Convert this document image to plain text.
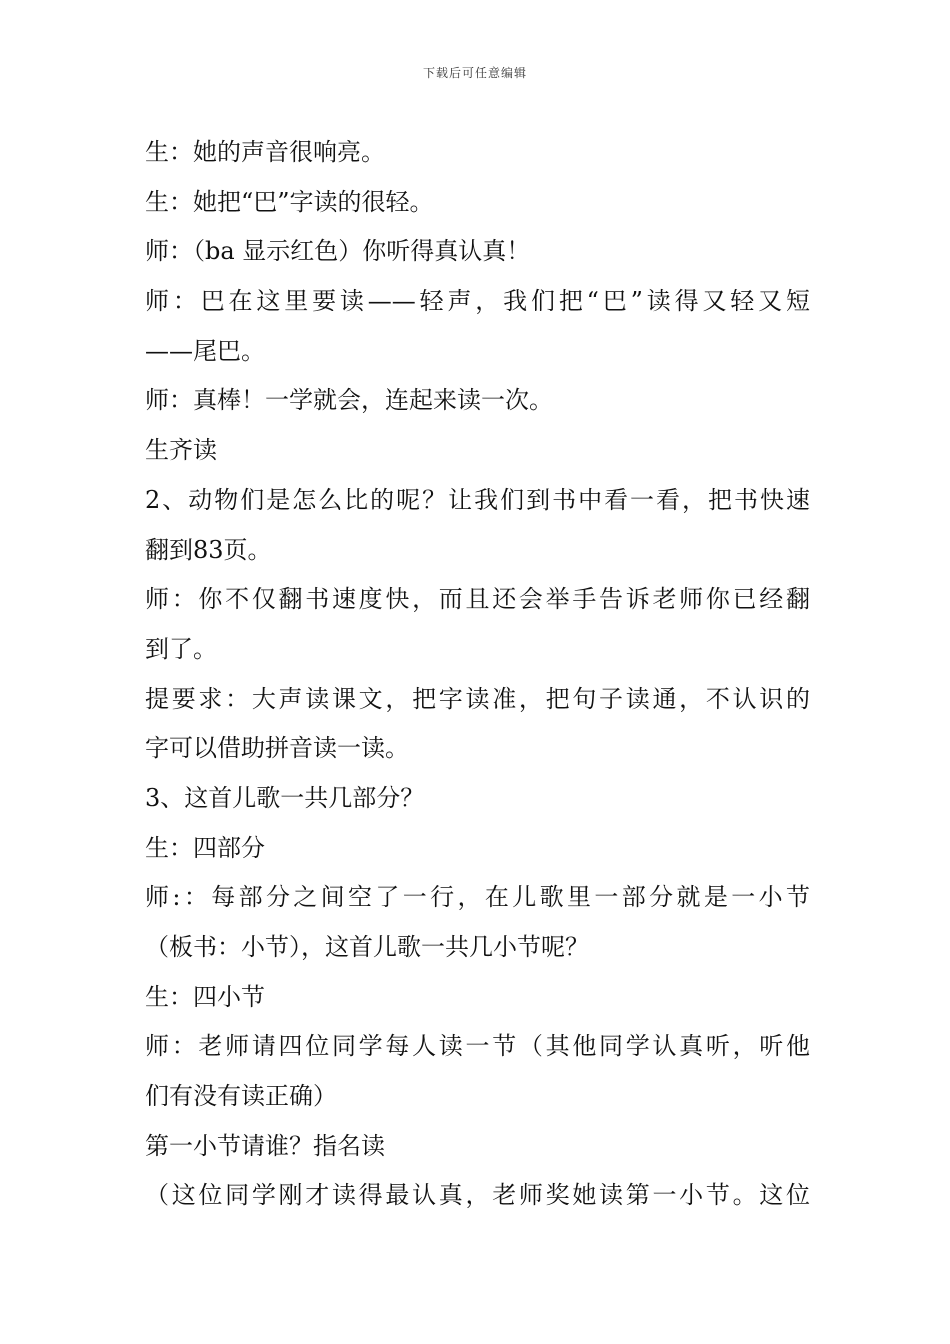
下载后可任意编辑
生：她的声音很响亮。
生：她把“巴”字读的很轻。
师：（ba 显示红色）你听得真认真！
师：巴在这里要读——轻声，我们把“巴”读得又轻又短
——尾巴。
师：真棒！一学就会，连起来读一次。
生齐读
2、动物们是怎么比的呢？让我们到书中看一看，把书快速
翻到83页。
师：你不仅翻书速度快，而且还会举手告诉老师你已经翻
到了。
提要求：大声读课文，把字读准，把句子读通，不认识的
字可以借助拼音读一读。
3、这首儿歌一共几部分？
生：四部分
师:：每部分之间空了一行，在儿歌里一部分就是一小节
（板书：小节），这首儿歌一共几小节呢？
生：四小节
师：老师请四位同学每人读一节（其他同学认真听，听他
们有没有读正确）
第一小节请谁？指名读
（这位同学刚才读得最认真，老师奖她读第一小节。这位
